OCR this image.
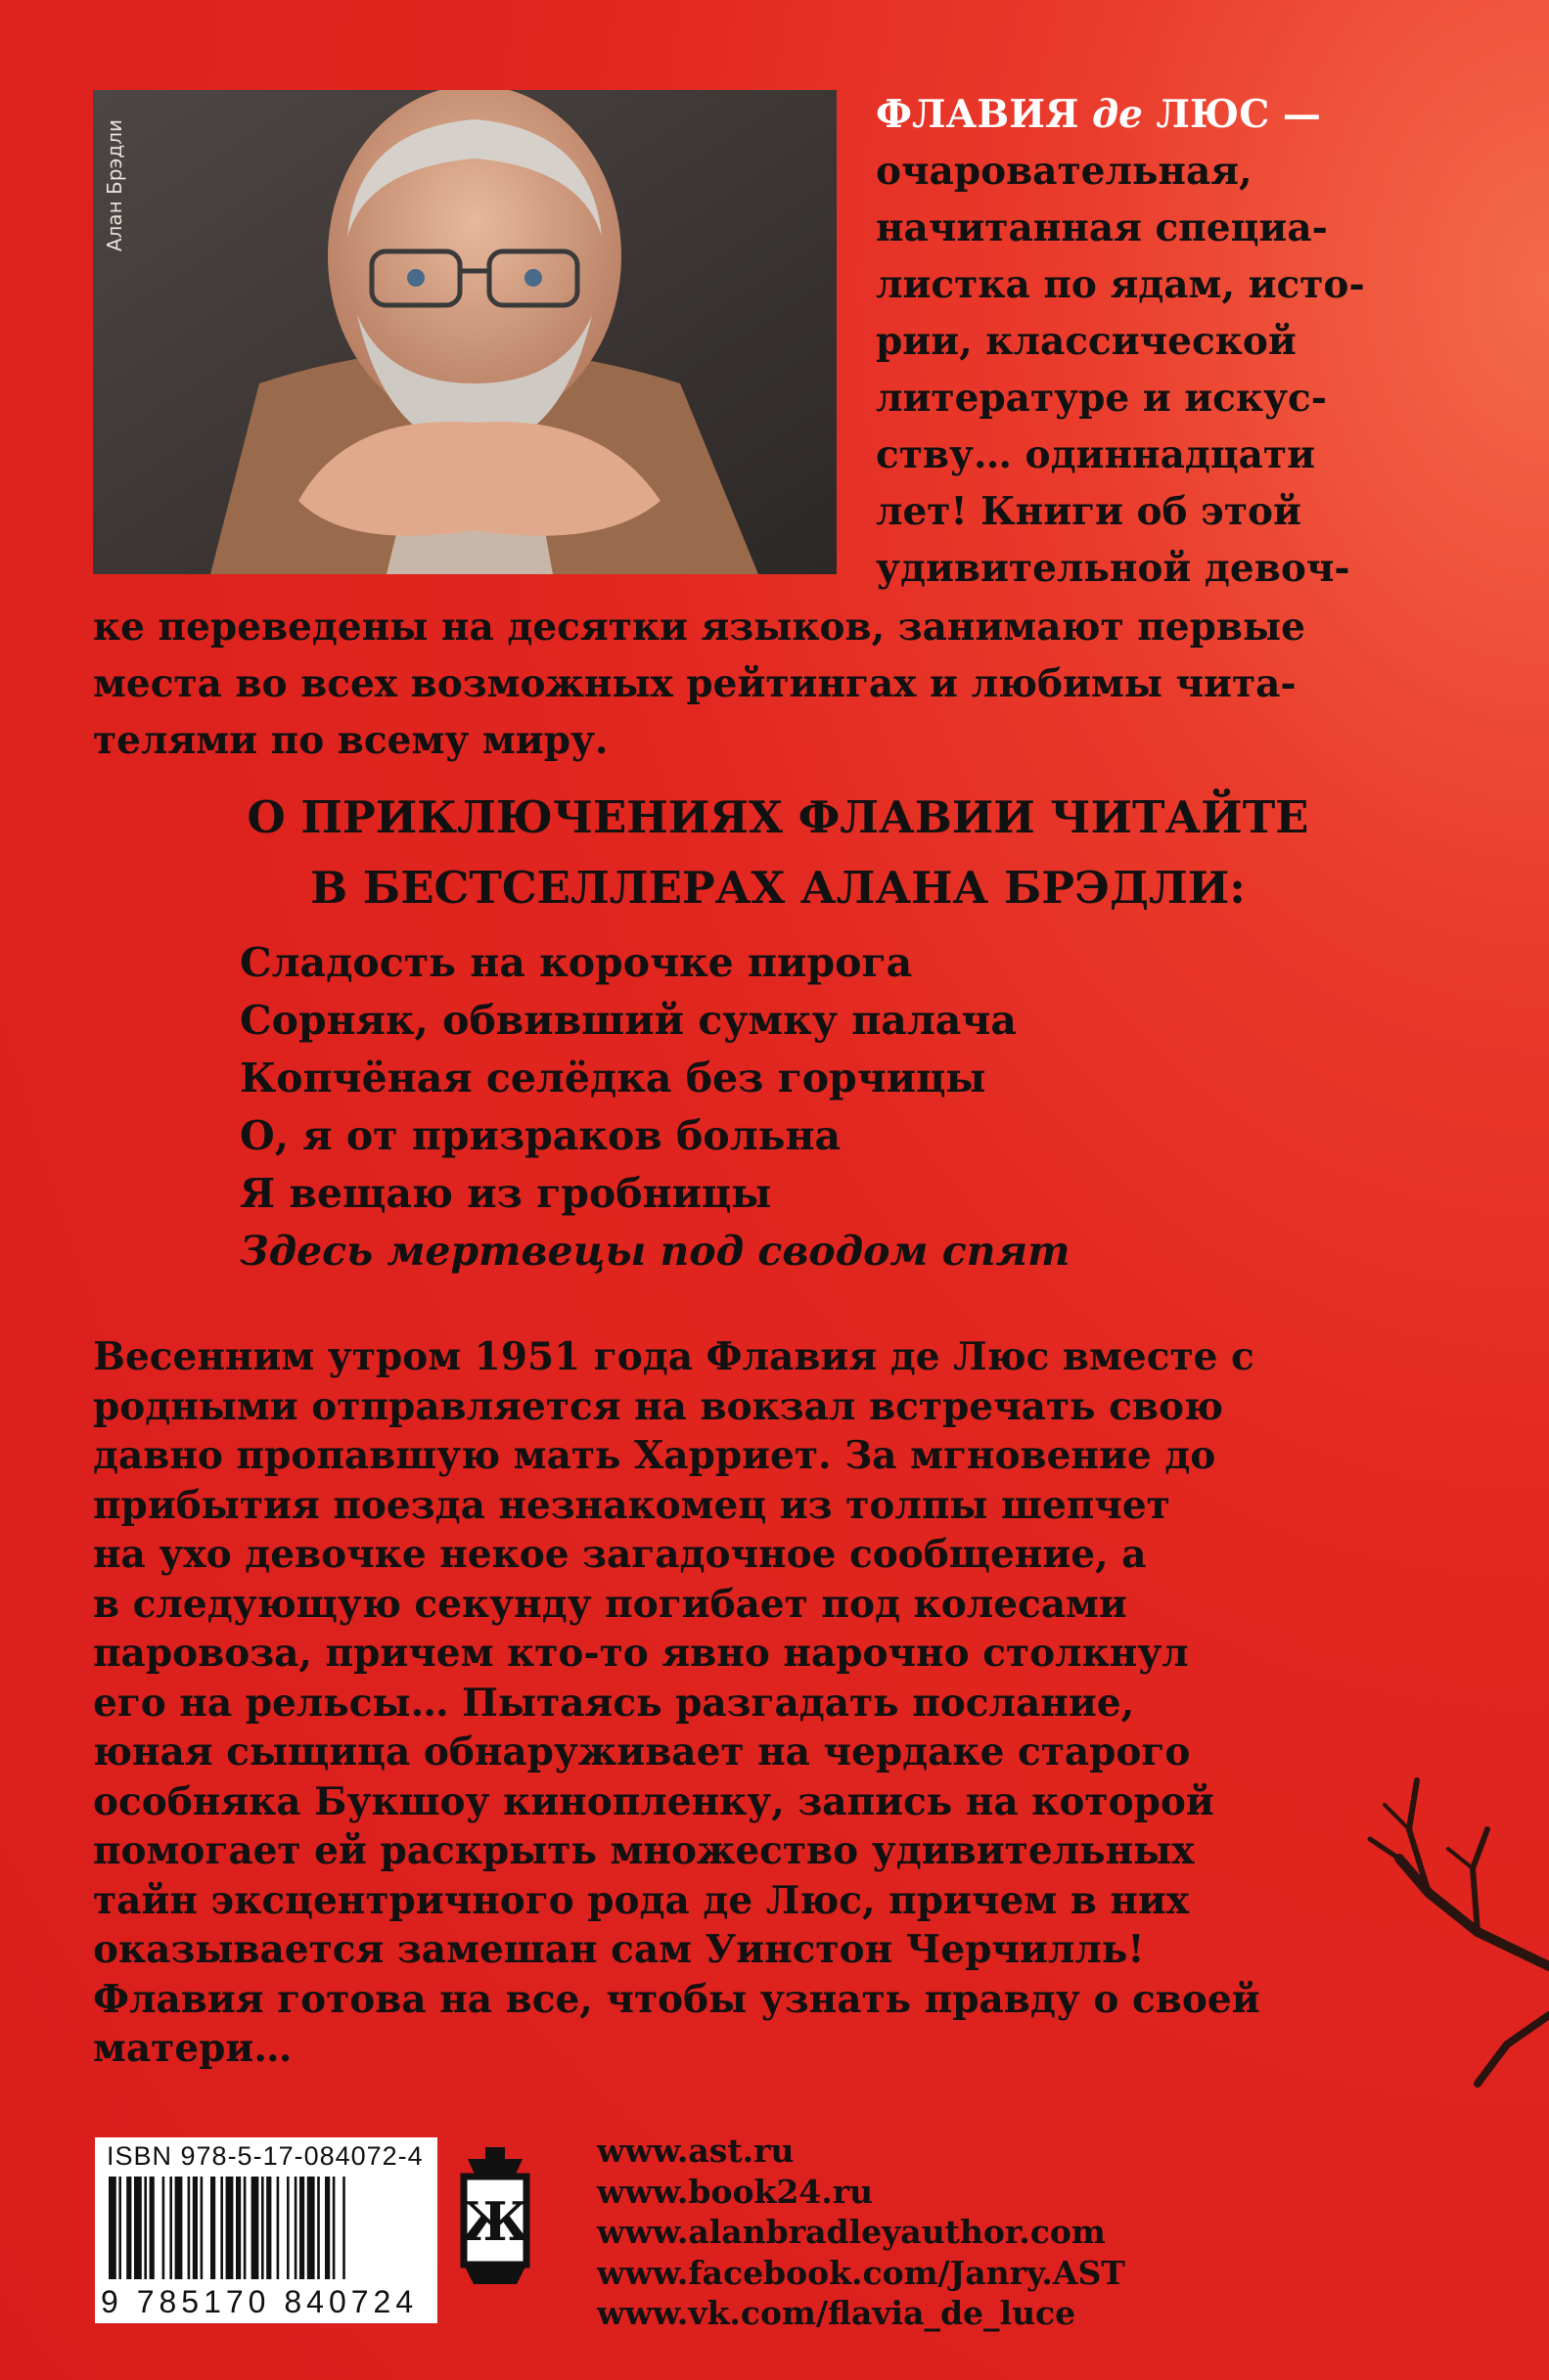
Алан Брэдли

ФЛАВИЯ де ЛЮС —

очаровательная,

начитанная специа-

листка по ядам, исто-

рии, классической

литературе и искус-

ству… одиннадцати

лет! Книги об этой

удивительной девоч-

ке переведены на десятки языков, занимают первые

места во всех возможных рейтингах и любимы чита-

телями по всему миру.

О ПРИКЛЮЧЕНИЯХ ФЛАВИИ ЧИТАЙТЕ

В БЕСТСЕЛЛЕРАХ АЛАНА БРЭДЛИ:

Сладость на корочке пирога

Сорняк, обвивший сумку палача

Копчёная селёдка без горчицы

О, я от призраков больна

Я вещаю из гробницы

Здесь мертвецы под сводом спят

Весенним утром 1951 года Флавия де Люс вместе с

родными отправляется на вокзал встречать свою

давно пропавшую мать Харриет. За мгновение до

прибытия поезда незнакомец из толпы шепчет

на ухо девочке некое загадочное сообщение, а

в следующую секунду погибает под колесами

паровоза, причем кто-то явно нарочно столкнул

его на рельсы… Пытаясь разгадать послание,

юная сыщица обнаруживает на чердаке старого

особняка Букшоу кинопленку, запись на которой

помогает ей раскрыть множество удивительных

тайн эксцентричного рода де Люс, причем в них

оказывается замешан сам Уинстон Черчилль!

Флавия готова на все, чтобы узнать правду о своей

матери…

ISBN 978-5-17-084072-4
9 785170 840724
Ж

www.ast.ru

www.book24.ru

www.alanbradleyauthor.com

www.facebook.com/Janry.AST

www.vk.com/flavia_de_luce
